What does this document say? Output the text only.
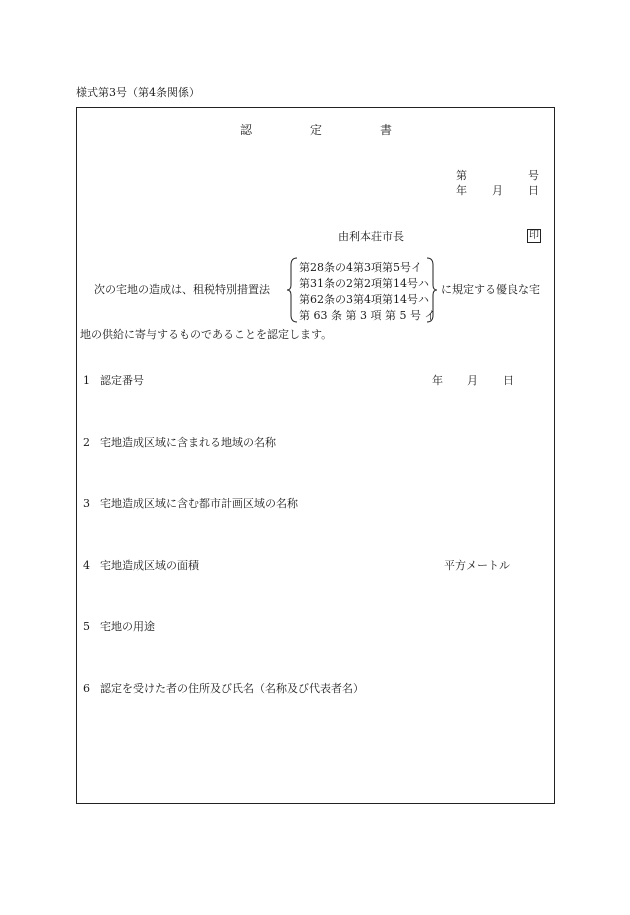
様式第3号（第4条関係）
認	定	書
第	号
年 月 日
由利本荘市長	印
次の宅地の造成は、租税特別措置法
第28条の4第3項第5号イ
第31条の2第2項第14号ハ
第62条の3第4項第14号ハ
第 63 条 第 3 項 第 5 号 イ
に規定する優良な宅
地の供給に寄与するものであることを認定します。
1 認定番号	年 月 日
2 宅地造成区域に含まれる地域の名称
3 宅地造成区域に含む都市計画区域の名称
4 宅地造成区域の面積	平方メートル
5 宅地の用途
6 認定を受けた者の住所及び氏名（名称及び代表者名）
